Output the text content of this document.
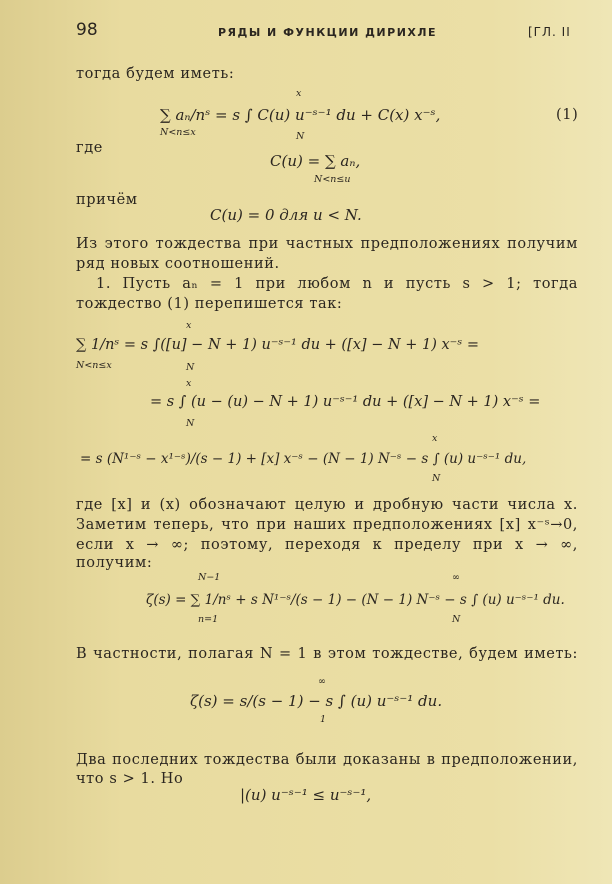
98	РЯДЫ И ФУНКЦИИ ДИРИХЛЕ	[ГЛ. II
тогда будем иметь:
x
∑ aₙ/nˢ = s ∫ C(u) u⁻ˢ⁻¹ du + C(x) x⁻ˢ,
N<n≤x	N
(1)
где
C(u) = ∑ aₙ,
N<n≤u
причём
C(u) = 0 для u < N.
Из этого тождества при частных предположениях получим
ряд новых соотношений.
1. Пусть aₙ = 1 при любом n и пусть s > 1; тогда
тождество (1) перепишется так:
x
∑ 1/nˢ = s ∫([u] − N + 1) u⁻ˢ⁻¹ du + ([x] − N + 1) x⁻ˢ =
N<n≤x	N
x
= s ∫ (u − (u) − N + 1) u⁻ˢ⁻¹ du + ([x] − N + 1) x⁻ˢ =
N
x
= s (N¹⁻ˢ − x¹⁻ˢ)/(s − 1) + [x] x⁻ˢ − (N − 1) N⁻ˢ − s ∫ (u) u⁻ˢ⁻¹ du,
N
где [x] и (x) обозначают целую и дробную части числа x.
Заметим теперь, что при наших предположениях [x] x⁻ˢ→0,
если x → ∞; поэтому, переходя к пределу при x → ∞,
получим:
N−1	∞
ζ(s) = ∑ 1/nˢ + s N¹⁻ˢ/(s − 1) − (N − 1) N⁻ˢ − s ∫ (u) u⁻ˢ⁻¹ du.
n=1	N
В частности, полагая N = 1 в этом тождестве, будем иметь:
∞
ζ(s) = s/(s − 1) − s ∫ (u) u⁻ˢ⁻¹ du.
1
Два последних тождества были доказаны в предположении,
что s > 1. Но
|(u) u⁻ˢ⁻¹ ≤ u⁻ˢ⁻¹,
